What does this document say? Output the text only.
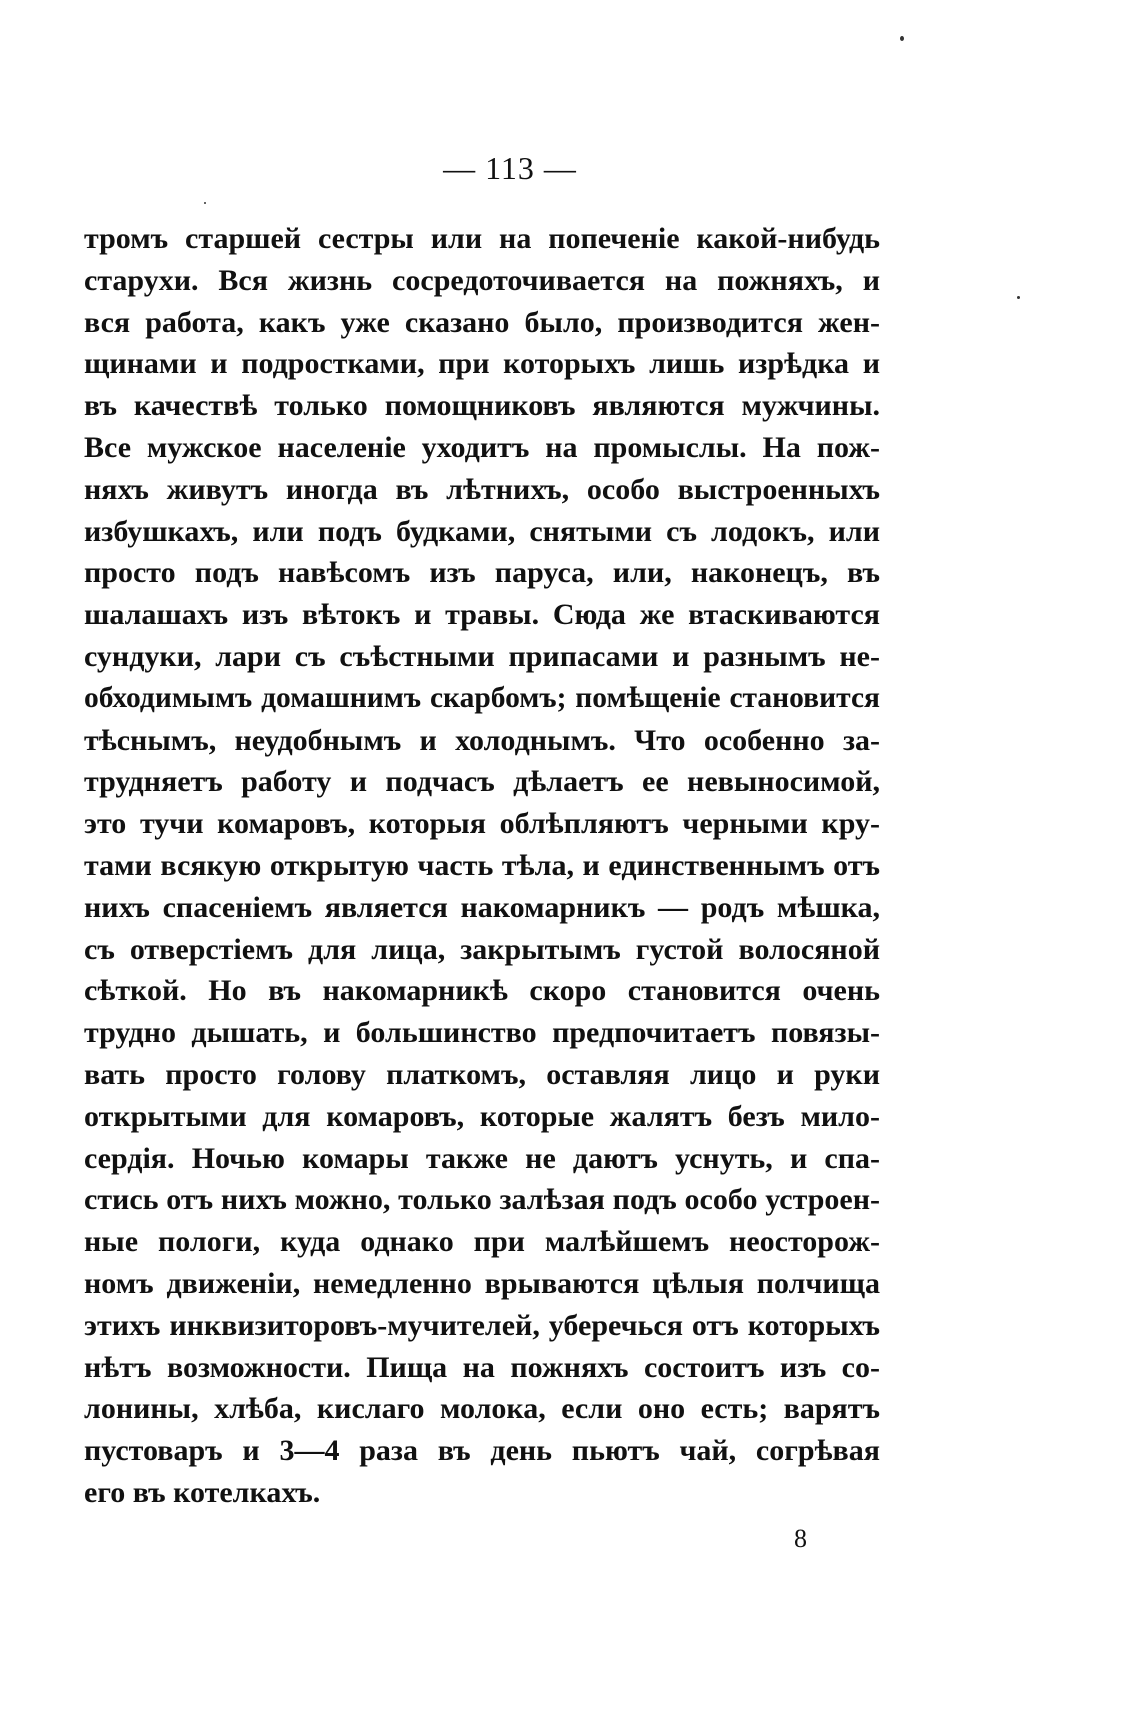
— 113 —
тромъ старшей сестры или на попеченіе какой-нибудь
старухи. Вся жизнь сосредоточивается на пожняхъ, и
вся работа, какъ уже сказано было, производится жен-
щинами и подростками, при которыхъ лишь изрѣдка и
въ качествѣ только помощниковъ являются мужчины.
Все мужское населеніе уходитъ на промыслы. На пож-
няхъ живутъ иногда въ лѣтнихъ, особо выстроенныхъ
избушкахъ, или подъ будками, снятыми съ лодокъ, или
просто подъ навѣсомъ изъ паруса, или, наконецъ, въ
шалашахъ изъ вѣтокъ и травы. Сюда же втаскиваются
сундуки, лари съ съѣстными припасами и разнымъ не-
обходимымъ домашнимъ скарбомъ; помѣщеніе становится
тѣснымъ, неудобнымъ и холоднымъ. Что особенно за-
трудняетъ работу и подчасъ дѣлаетъ ее невыносимой,
это тучи комаровъ, которыя облѣпляютъ черными кру-
тами всякую открытую часть тѣла, и единственнымъ отъ
нихъ спасеніемъ является накомарникъ — родъ мѣшка,
съ отверстіемъ для лица, закрытымъ густой волосяной
сѣткой. Но въ накомарникѣ скоро становится очень
трудно дышать, и большинство предпочитаетъ повязы-
вать просто голову платкомъ, оставляя лицо и руки
открытыми для комаровъ, которые жалятъ безъ мило-
сердія. Ночью комары также не даютъ уснуть, и спа-
стись отъ нихъ можно, только залѣзая подъ особо устроен-
ные пологи, куда однако при малѣйшемъ неосторож-
номъ движеніи, немедленно врываются цѣлыя полчища
этихъ инквизиторовъ-мучителей, уберечься отъ которыхъ
нѣтъ возможности. Пища на пожняхъ состоитъ изъ со-
лонины, хлѣба, кислаго молока, если оно есть; варятъ
пустоваръ и 3—4 раза въ день пьютъ чай, согрѣвая
его въ котелкахъ.
8
